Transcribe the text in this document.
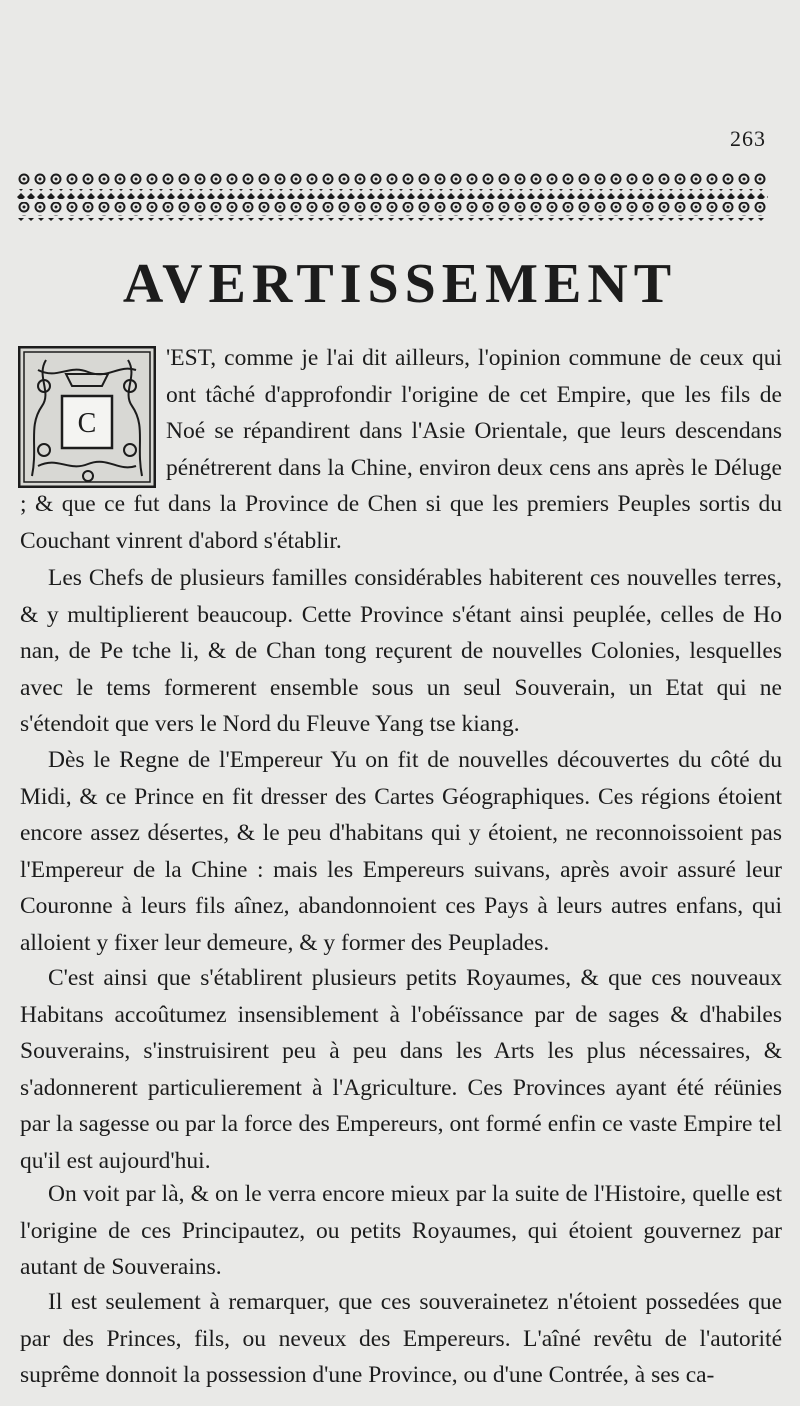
263
AVERTISSEMENT
C

'EST, comme je l'ai dit ailleurs, l'opinion commune de ceux qui ont tâché d'approfondir l'origine de cet Empire, que les fils de Noé se répandirent dans l'Asie Orientale, que leurs descendans pénétrerent dans la Chine, environ deux cens ans après le Déluge ; & que ce fut dans la Province de Chen si que les premiers Peuples sortis du Couchant vinrent d'abord s'établir.

Les Chefs de plusieurs familles considérables habiterent ces nouvelles terres, & y multiplierent beaucoup. Cette Province s'étant ainsi peuplée, celles de Ho nan, de Pe tche li, & de Chan tong reçurent de nouvelles Colonies, lesquelles avec le tems formerent ensemble sous un seul Souverain, un Etat qui ne s'étendoit que vers le Nord du Fleuve Yang tse kiang.

Dès le Regne de l'Empereur Yu on fit de nouvelles découvertes du côté du Midi, & ce Prince en fit dresser des Cartes Géographiques. Ces régions étoient encore assez désertes, & le peu d'habitans qui y étoient, ne reconnoissoient pas l'Empereur de la Chine : mais les Empereurs suivans, après avoir assuré leur Couronne à leurs fils aînez, abandonnoient ces Pays à leurs autres enfans, qui alloient y fixer leur demeure, & y former des Peuplades.

C'est ainsi que s'établirent plusieurs petits Royaumes, & que ces nouveaux Habitans accoûtumez insensiblement à l'obéïssance par de sages & d'habiles Souverains, s'instruisirent peu à peu dans les Arts les plus nécessaires, & s'adonnerent particulierement à l'Agriculture. Ces Provinces ayant été réünies par la sagesse ou par la force des Empereurs, ont formé enfin ce vaste Empire tel qu'il est aujourd'hui.

On voit par là, & on le verra encore mieux par la suite de l'Histoire, quelle est l'origine de ces Principautez, ou petits Royaumes, qui étoient gouvernez par autant de Souverains.

Il est seulement à remarquer, que ces souverainetez n'étoient possedées que par des Princes, fils, ou neveux des Empereurs. L'aîné revêtu de l'autorité suprême donnoit la possession d'une Province, ou d'une Contrée, à ses ca-
